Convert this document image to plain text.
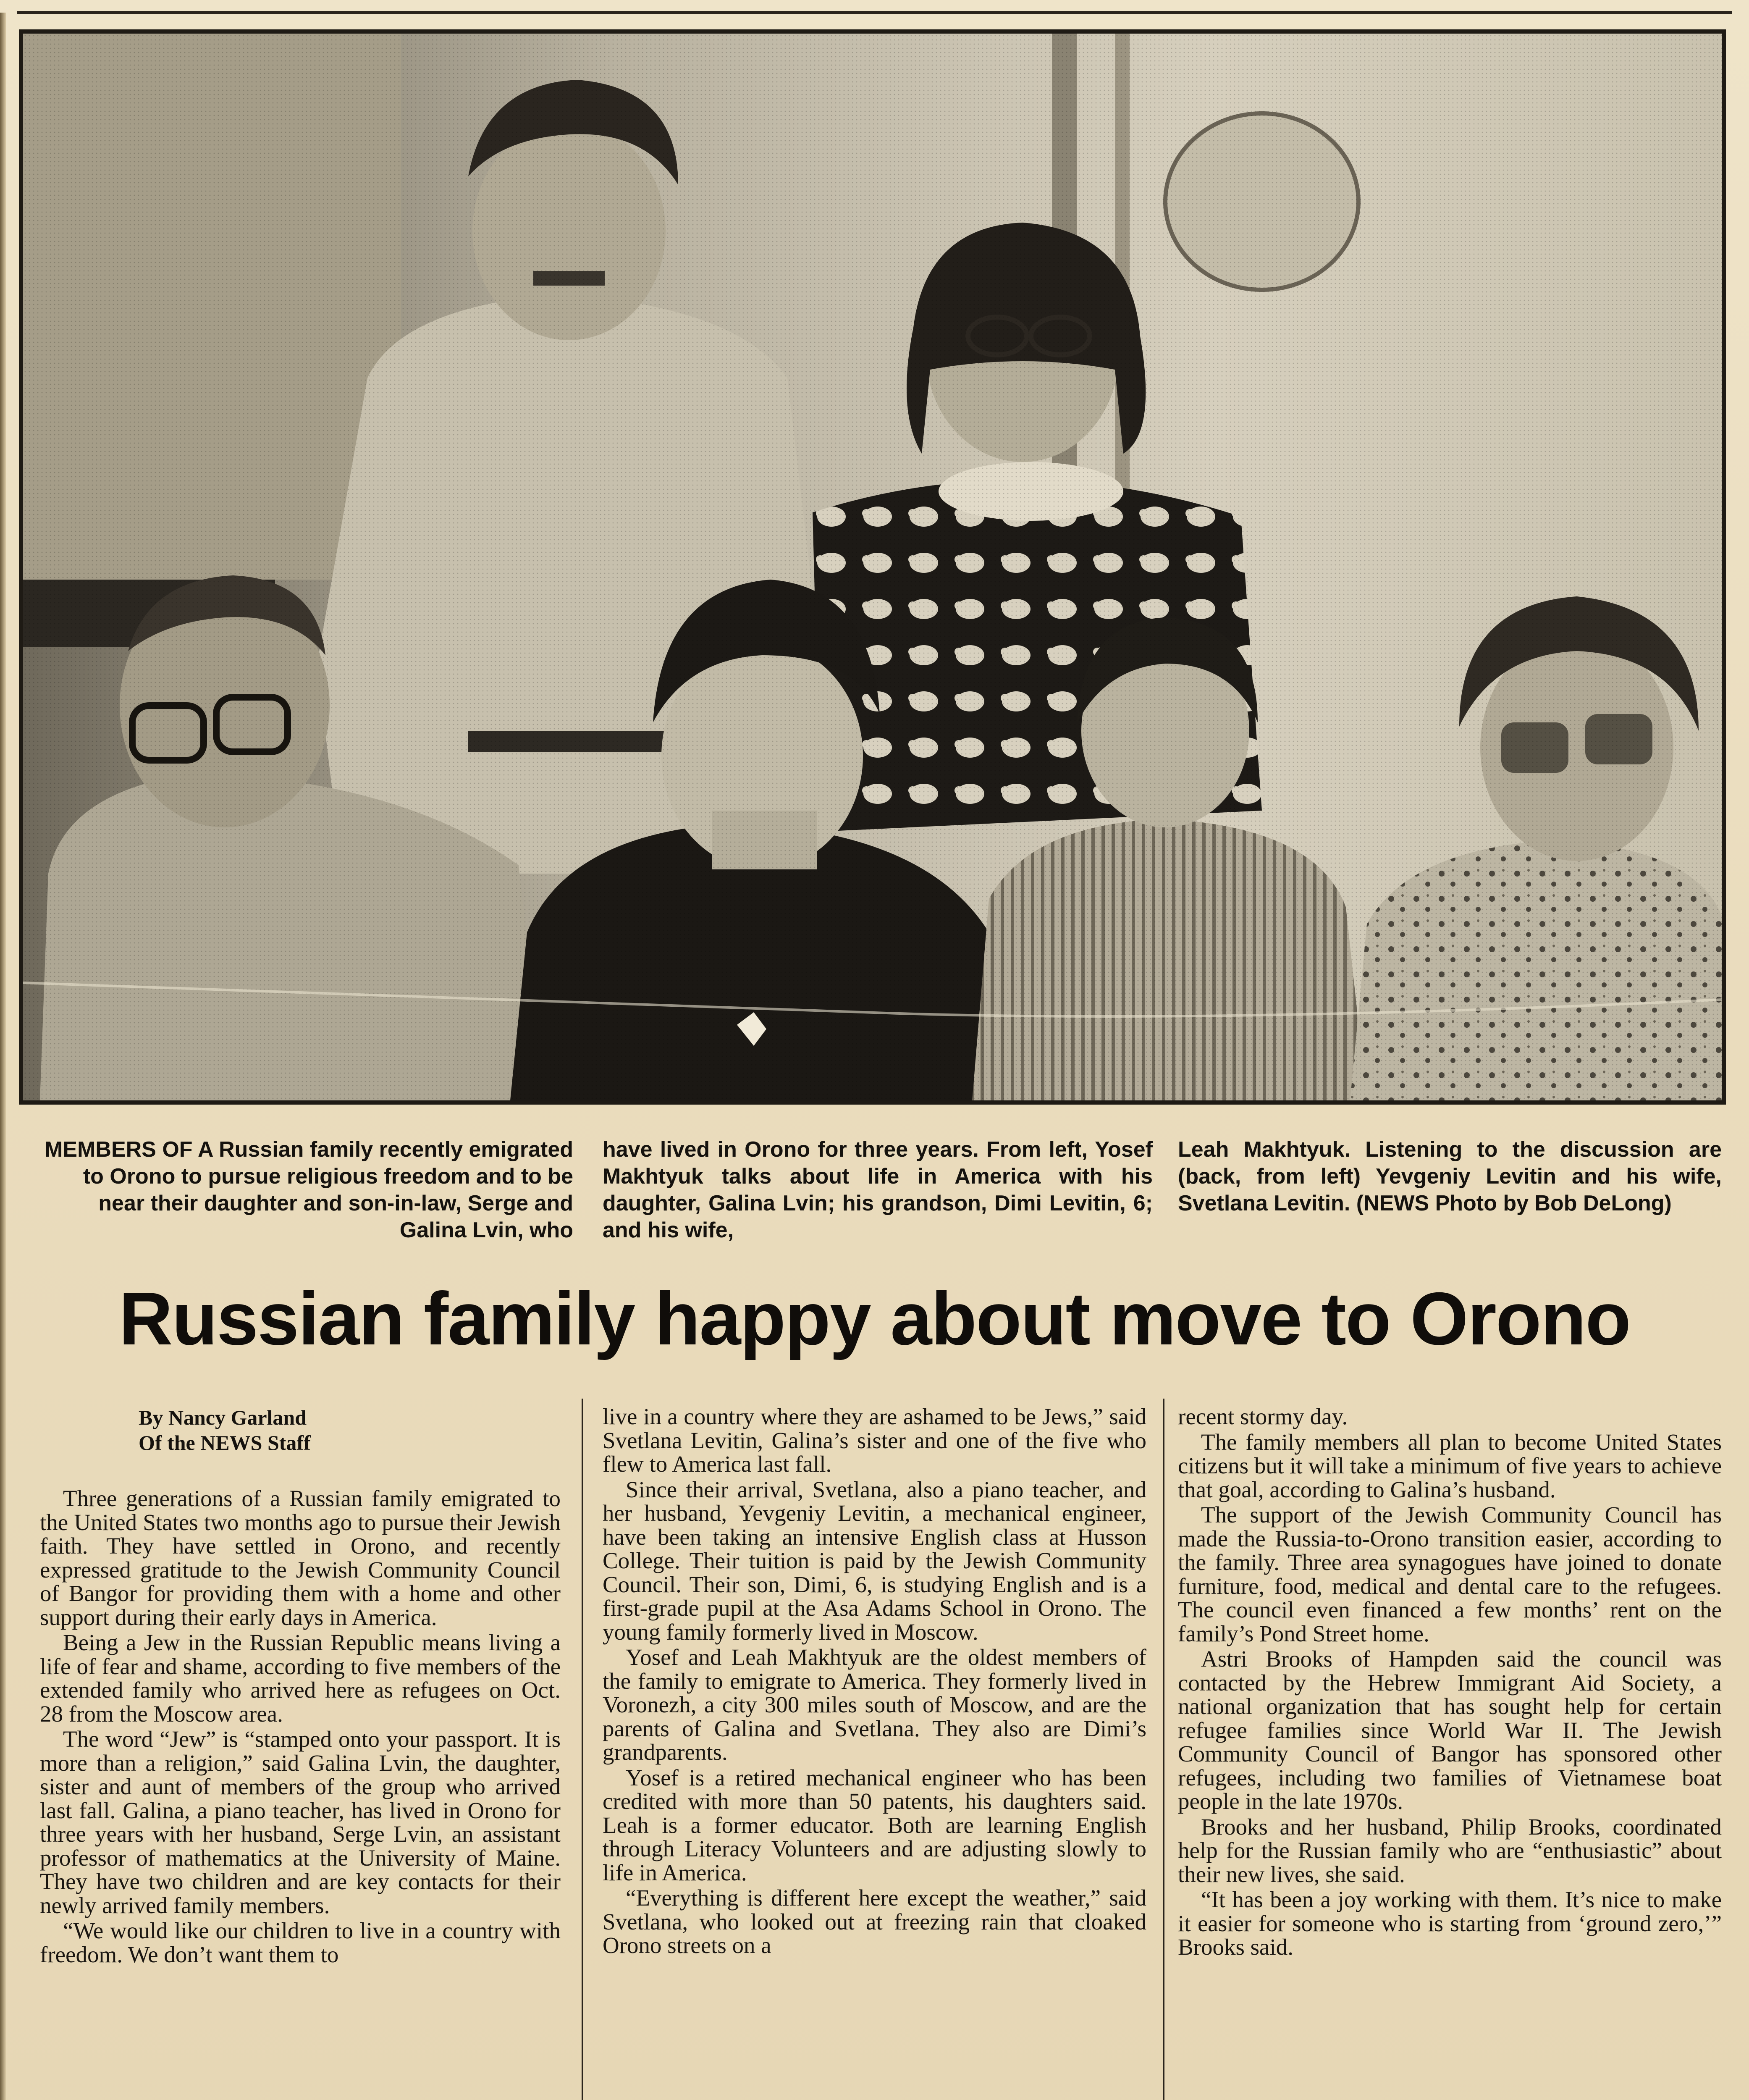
MEMBERS OF A Russian family recently emigrated to Orono to pursue religious freedom and to be near their daughter and son-in-law, Serge and Galina Lvin, who
have lived in Orono for three years. From left, Yosef Makhtyuk talks about life in America with his daughter, Galina Lvin; his grandson, Dimi Levitin, 6; and his wife,
Leah Makhtyuk. Listening to the discussion are (back, from left) Yevgeniy Levitin and his wife, Svetlana Levitin. (NEWS Photo by Bob DeLong)
Russian family happy about move to Orono
By Nancy Garland
Of the NEWS Staff

Three generations of a Russian family emigrated to the United States two months ago to pursue their Jewish faith. They have settled in Orono, and recently expressed gratitude to the Jewish Community Council of Bangor for providing them with a home and other support during their early days in America.

Being a Jew in the Russian Republic means living a life of fear and shame, according to five members of the extended family who arrived here as refugees on Oct. 28 from the Moscow area.

The word “Jew” is “stamped onto your passport. It is more than a religion,” said Galina Lvin, the daughter, sister and aunt of members of the group who arrived last fall. Galina, a piano teacher, has lived in Orono for three years with her husband, Serge Lvin, an assistant professor of mathematics at the University of Maine. They have two children and are key contacts for their newly arrived family members.

“We would like our children to live in a country with freedom. We don’t want them to

live in a country where they are ashamed to be Jews,” said Svetlana Levitin, Galina’s sister and one of the five who flew to America last fall.

Since their arrival, Svetlana, also a piano teacher, and her husband, Yevgeniy Levitin, a mechanical engineer, have been taking an intensive English class at Husson College. Their tuition is paid by the Jewish Community Council. Their son, Dimi, 6, is studying English and is a first-grade pupil at the Asa Adams School in Orono. The young family formerly lived in Moscow.

Yosef and Leah Makhtyuk are the oldest members of the family to emigrate to America. They formerly lived in Voronezh, a city 300 miles south of Moscow, and are the parents of Galina and Svetlana. They also are Dimi’s grandparents.

Yosef is a retired mechanical engineer who has been credited with more than 50 patents, his daughters said. Leah is a former educator. Both are learning English through Literacy Volunteers and are adjusting slowly to life in America.

“Everything is different here except the weather,” said Svetlana, who looked out at freezing rain that cloaked Orono streets on a

recent stormy day.

The family members all plan to become United States citizens but it will take a minimum of five years to achieve that goal, according to Galina’s husband.

The support of the Jewish Community Council has made the Russia-to-Orono transition easier, according to the family. Three area synagogues have joined to donate furniture, food, medical and dental care to the refugees. The council even financed a few months’ rent on the family’s Pond Street home.

Astri Brooks of Hampden said the council was contacted by the Hebrew Immigrant Aid Society, a national organization that has sought help for certain refugee families since World War II. The Jewish Community Council of Bangor has sponsored other refugees, including two families of Vietnamese boat people in the late 1970s.

Brooks and her husband, Philip Brooks, coordinated help for the Russian family who are “enthusiastic” about their new lives, she said.

“It has been a joy working with them. It’s nice to make it easier for someone who is starting from ‘ground zero,’” Brooks said.
